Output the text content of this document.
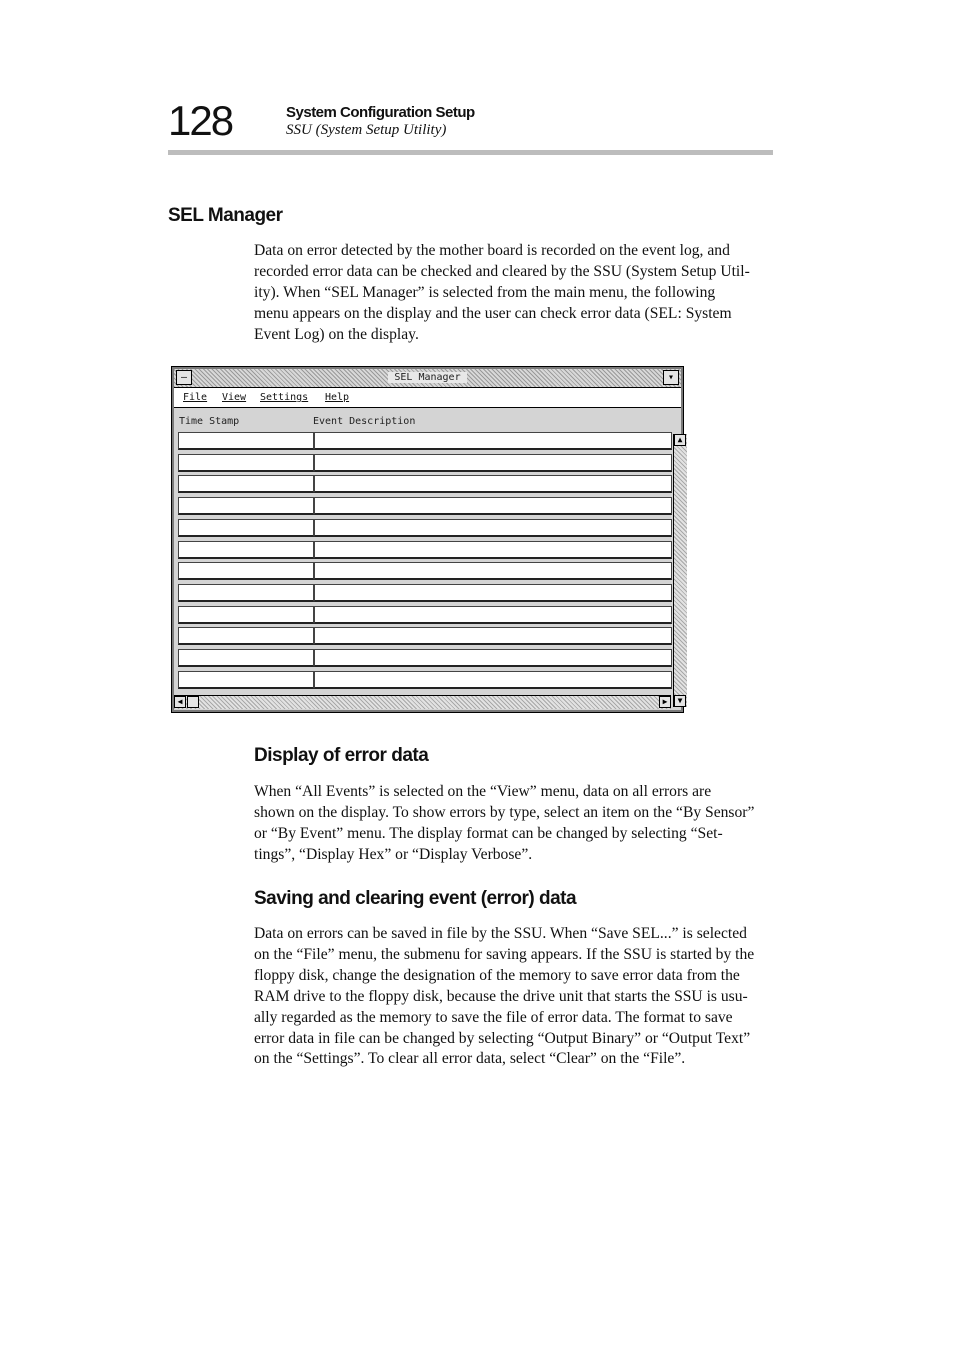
128	System Configuration Setup
SSU (System Setup Utility)
SEL Manager

Data on error detected by the mother board is recorded on the event log, and
recorded error data can be checked and cleared by the SSU (System Setup Util-
ity). When “SEL Manager” is selected from the main menu, the following
menu appears on the display and the user can check error data (SEL: System
Event Log) on the display.

–	SEL Manager	▾
File View Settings Help
Time Stamp	Event Description
▲
▼
◀	▶
Display of error data

When “All Events” is selected on the “View” menu, data on all errors are
shown on the display. To show errors by type, select an item on the “By Sensor”
or “By Event” menu. The display format can be changed by selecting “Set-
tings”, “Display Hex” or “Display Verbose”.

Saving and clearing event (error) data

Data on errors can be saved in file by the SSU. When “Save SEL...” is selected
on the “File” menu, the submenu for saving appears. If the SSU is started by the
floppy disk, change the designation of the memory to save error data from the
RAM drive to the floppy disk, because the drive unit that starts the SSU is usu-
ally regarded as the memory to save the file of error data. The format to save
error data in file can be changed by selecting “Output Binary” or “Output Text”
on the “Settings”. To clear all error data, select “Clear” on the “File”.
